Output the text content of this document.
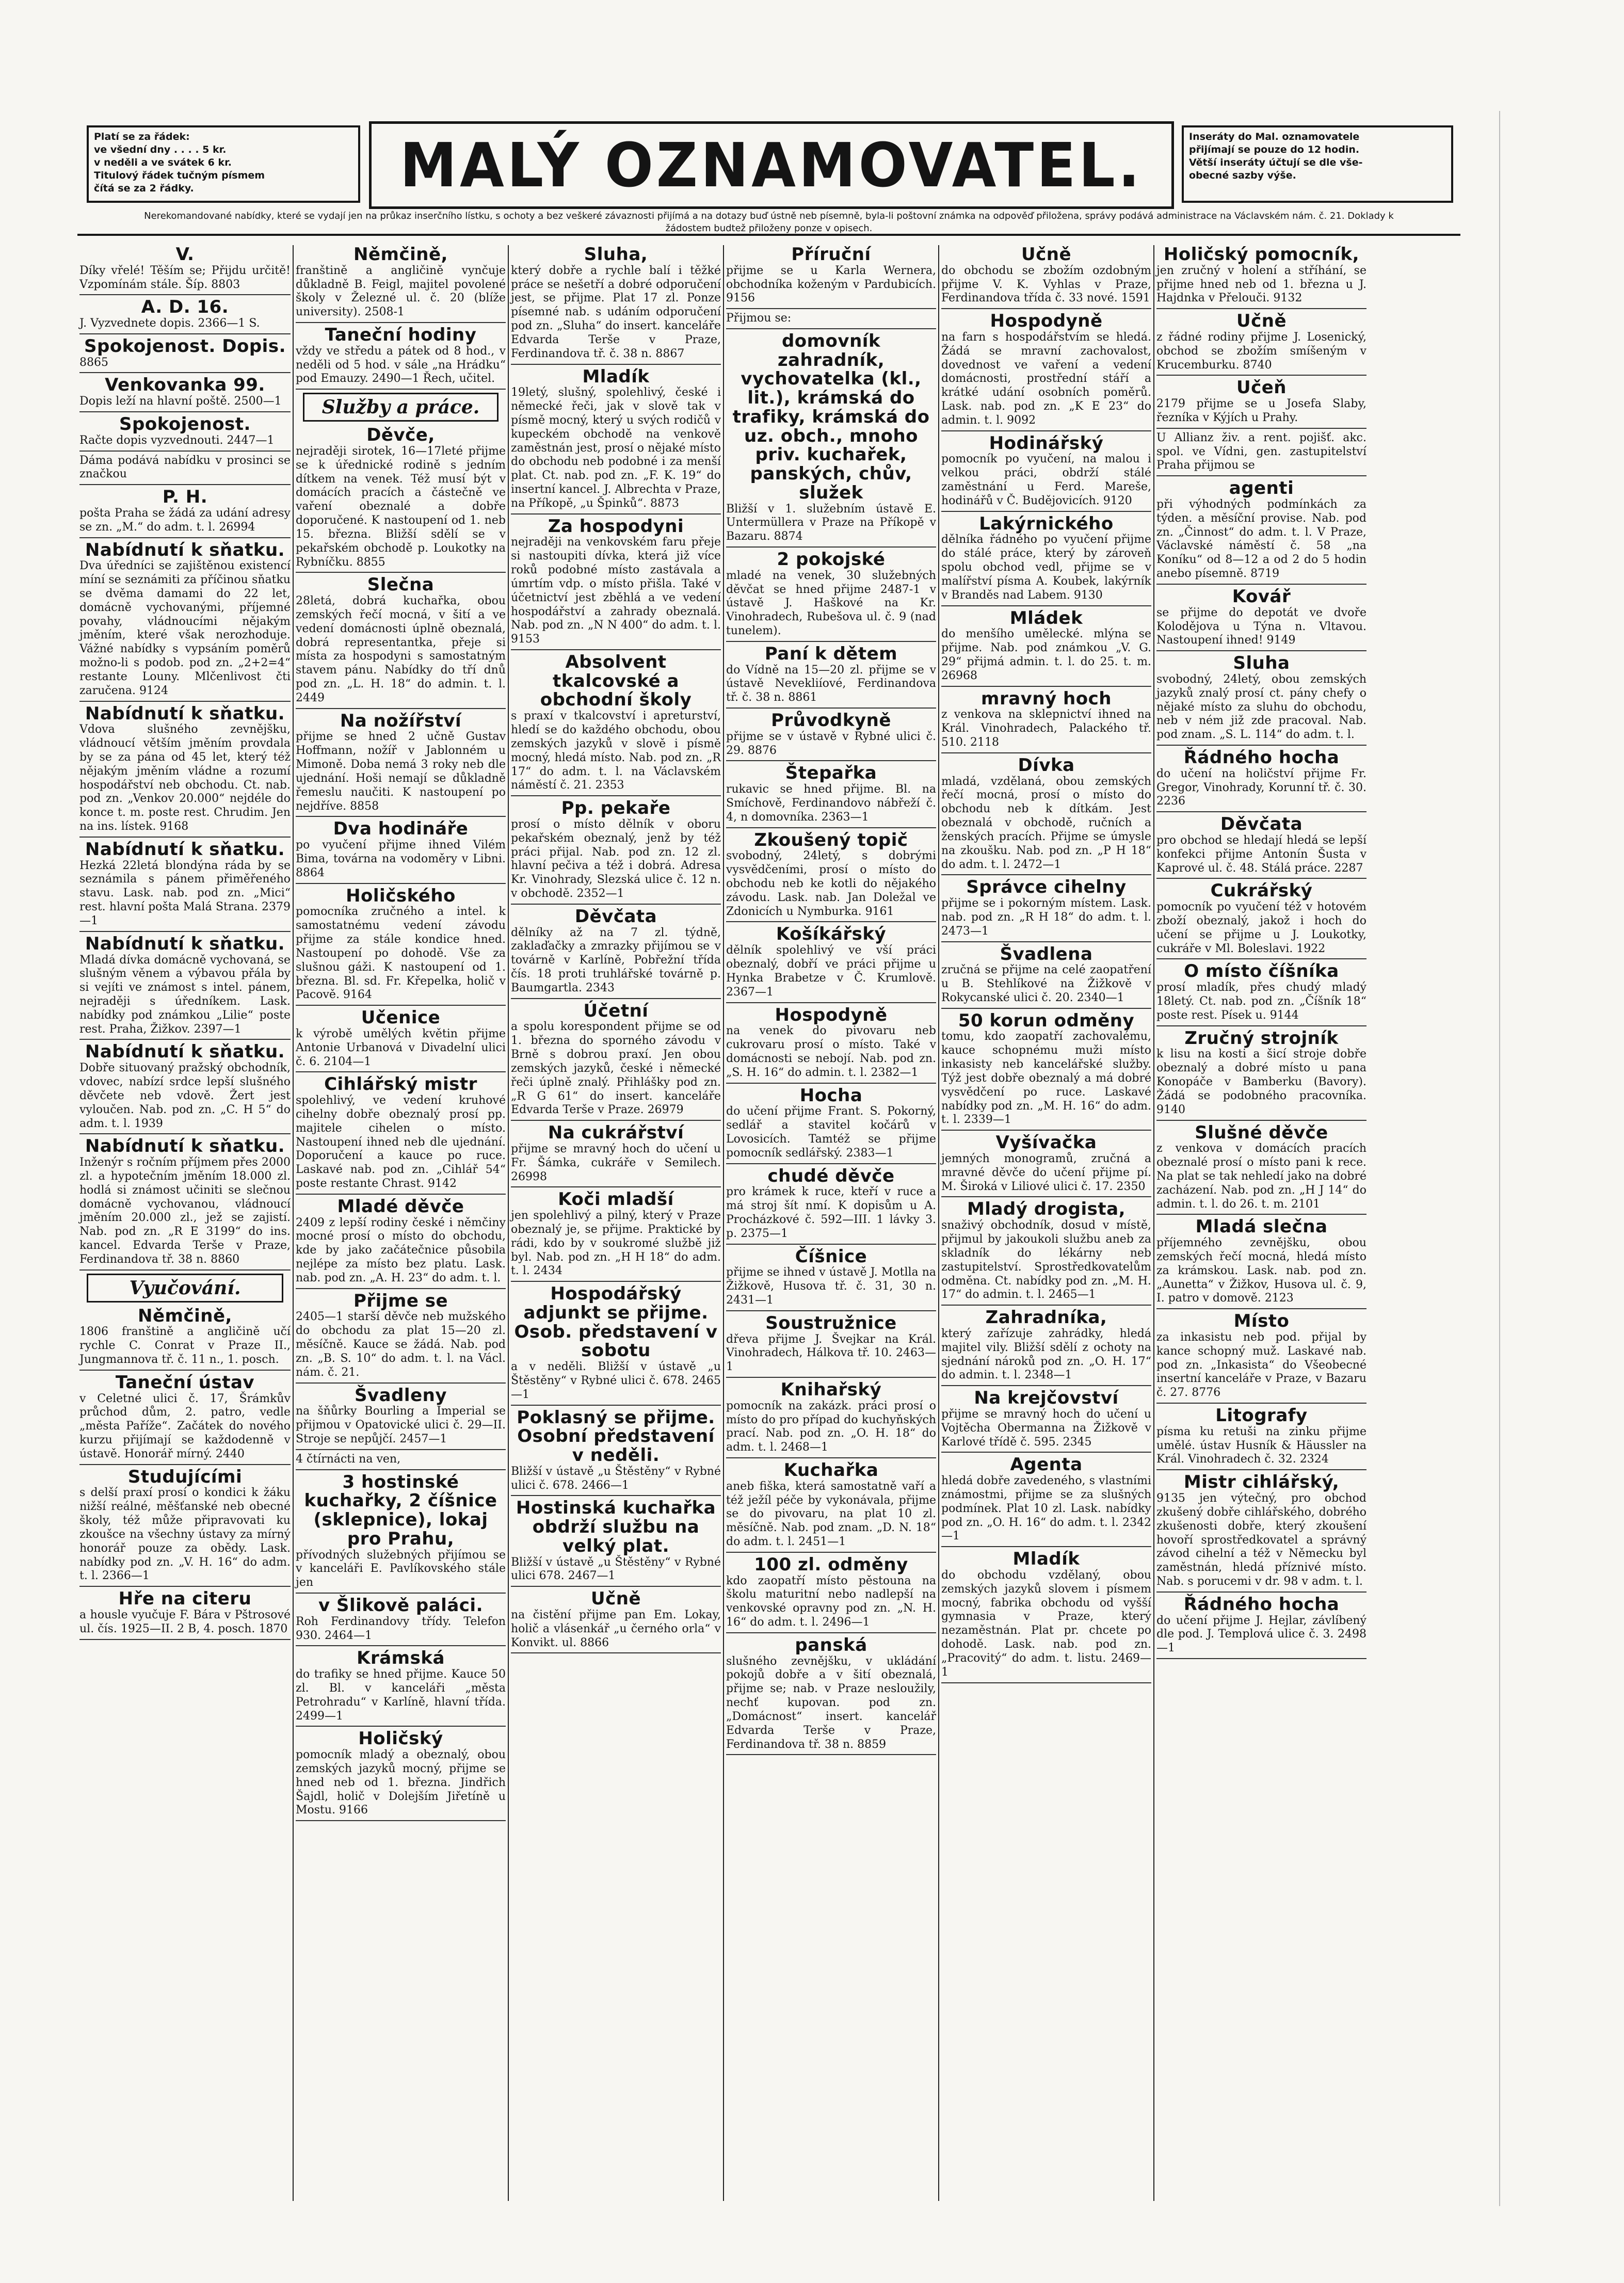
Platí se za řádek:
ve všední dny . . . . 5 kr.
v neděli a ve svátek 6 kr.
Titulový řádek tučným písmem
čítá se za 2 řádky.	MALÝ OZNAMOVATEL.	Inseráty do Mal. oznamovatele
přijímají se pouze do 12 hodin.
Větší inseráty účtují se dle vše-
obecné sazby výše.
Nerekomandované nabídky, které se vydají jen na průkaz inserčního lístku, s ochoty a bez veškeré závaznosti přijímá a na dotazy buď ústně neb písemně, byla-li poštovní známka na odpověď přiložena, správy podává administrace na Václavském nám. č. 21. Doklady k žádostem budtež přiloženy ponze v opisech.
V.
Díky vřelé! Těším se; Přijdu určitě! Vzpomínám stále. Šíp. 8803
A. D. 16.
J. Vyzvednete dopis. 2366—1 S.
Spokojenost. Dopis.
8865
Venkovanka 99.
Dopis leží na hlavní poště. 2500—1
Spokojenost.
Račte dopis vyzvednouti. 2447—1
Dáma podává nabídku v prosinci se značkou
P. H.
pošta Praha se žádá za udání adresy se zn. „M.“ do adm. t. l. 26994
Nabídnutí k sňatku.
Dva úředníci se zajištěnou existencí míní se seznámiti za příčinou sňatku se dvěma damami do 22 let, domácně vychovanými, příjemné povahy, vládnoucími nějakým jměním, které však nerozhoduje. Vážné nabídky s vypsáním poměrů možno-li s podob. pod zn. „2+2=4“ restante Louny. Mlčenlivost čti zaručena. 9124
Nabídnutí k sňatku.
Vdova slušného zevnějšku, vládnoucí větším jměním provdala by se za pána od 45 let, který též nějakým jměním vládne a rozumí hospodářství neb obchodu. Ct. nab. pod zn. „Venkov 20.000“ nejdéle do konce t. m. poste rest. Chrudim. Jen na ins. lístek. 9168
Nabídnutí k sňatku.
Hezká 22letá blondýna ráda by se seznámila s pánem přiměřeného stavu. Lask. nab. pod zn. „Mici“ rest. hlavní pošta Malá Strana. 2379—1
Nabídnutí k sňatku.
Mladá dívka domácně vychovaná, se slušným věnem a výbavou přála by si vejíti ve známost s intel. pánem, nejraději s úředníkem. Lask. nabídky pod známkou „Lilie“ poste rest. Praha, Žižkov. 2397—1
Nabídnutí k sňatku.
Dobře situovaný pražský obchodník, vdovec, nabízí srdce lepší slušného děvčete neb vdově. Žert jest vyloučen. Nab. pod zn. „C. H 5“ do adm. t. l. 1939
Nabídnutí k sňatku.
Inženýr s ročním příjmem přes 2000 zl. a hypotečním jměním 18.000 zl. hodlá si známost učiniti se slečnou domácně vychovanou, vládnoucí jměním 20.000 zl., jež se zajistí. Nab. pod zn. „R E 3199“ do ins. kancel. Edvarda Terše v Praze, Ferdinandova tř. 38 n. 8860
Vyučování.
Němčině,
1806 franštině a angličině učí rychle C. Conrat v Praze II., Jungmannova tř. č. 11 n., 1. posch.
Taneční ústav
v Celetné ulici č. 17, Šrámkův průchod dům, 2. patro, vedle „města Paříže“. Začátek do nového kurzu přijímají se každodenně v ústavě. Honorář mírný. 2440
Studujícími
s delší praxí prosí o kondici k žáku nižší reálné, měšťanské neb obecné školy, též může připravovati ku zkoušce na všechny ústavy za mírný honorář pouze za obědy. Lask. nabídky pod zn. „V. H. 16“ do adm. t. l. 2366—1
Hře na citeru
a housle vyučuje F. Bára v Pštrosové ul. čís. 1925—II. 2 B, 4. posch. 1870
Němčině,
franštině a angličině vynčuje důkladně B. Feigl, majitel povolené školy v Železné ul. č. 20 (blíže university). 2508-1
Taneční hodiny
vždy ve středu a pátek od 8 hod., v neděli od 5 hod. v sále „na Hrádku“ pod Emauzy. 2490—1 Řech, učitel.
Služby a práce.
Děvče,
nejraději sirotek, 16—17leté přijme se k úřednické rodině s jedním dítkem na venek. Též musí být v domácích pracích a částečně ve vaření obeznalé a dobře doporučené. K nastoupení od 1. neb 15. března. Bližší sdělí se v pekařském obchodě p. Loukotky na Rybníčku. 8855
Slečna
28letá, dobrá kuchařka, obou zemských řečí mocná, v šití a ve vedení domácnosti úplně obeznalá, dobrá representantka, přeje si místa za hospodyni s samostatným stavem pánu. Nabídky do tří dnů pod zn. „L. H. 18“ do admin. t. l. 2449
Na nožířství
přijme se hned 2 učně Gustav Hoffmann, nožíř v Jablonném u Mimoně. Doba nemá 3 roky neb dle ujednání. Hoši nemají se důkladně řemeslu naučiti. K nastoupení po nejdříve. 8858
Dva hodináře
po vyučení přijme ihned Vilém Bima, továrna na vodoměry v Libni. 8864
Holičského
pomocníka zručného a intel. k samostatnému vedení závodu přijme za stále kondice hned. Nastoupení po dohodě. Vše za slušnou gáži. K nastoupení od 1. března. Bl. sd. Fr. Křepelka, holič v Pacově. 9164
Učenice
k výrobě umělých květin přijme Antonie Urbanová v Divadelní ulici č. 6. 2104—1
Cihlářský mistr
spolehlivý, ve vedení kruhové cihelny dobře obeznalý prosí pp. majitele cihelen o místo. Nastoupení ihned neb dle ujednání. Doporučení a kauce po ruce. Laskavé nab. pod zn. „Cihlář 54“ poste restante Chrast. 9142
Mladé děvče
2409 z lepší rodiny české i němčiny mocné prosí o místo do obchodu, kde by jako začátečnice působila nejlépe za místo bez platu. Lask. nab. pod zn. „A. H. 23“ do adm. t. l.
Přijme se
2405—1 starší děvče neb mužského do obchodu za plat 15—20 zl. měsíčně. Kauce se žádá. Nab. pod zn. „B. S. 10“ do adm. t. l. na Václ. nám. č. 21.
Švadleny
na šňůrky Bourling a Imperial se přijmou v Opatovické ulici č. 29—II. Stroje se nepůjčí. 2457—1
4 čtírnácti na ven,
3 hostinské kuchařky, 2 číšnice (sklepnice), lokaj pro Prahu,
přívodných služebných přijímou se v kanceláři E. Pavlíkovského stále jen
v Šlikově paláci.
Roh Ferdinandovy třídy. Telefon 930. 2464—1
Krámská
do trafiky se hned přijme. Kauce 50 zl. Bl. v kanceláři „města Petrohradu“ v Karlíně, hlavní třída. 2499—1
Holičský
pomocník mladý a obeznalý, obou zemských jazyků mocný, přijme se hned neb od 1. března. Jindřich Šajdl, holič v Dolejším Jiřetíně u Mostu. 9166
Sluha,
který dobře a rychle balí i těžké práce se nešetří a dobré odporučení jest, se přijme. Plat 17 zl. Ponze písemné nab. s udáním odporučení pod zn. „Sluha“ do insert. kanceláře Edvarda Terše v Praze, Ferdinandova tř. č. 38 n. 8867
Mladík
19letý, slušný, spolehlivý, české i německé řeči, jak v slově tak v písmě mocný, který u svých rodičů v kupeckém obchodě na venkově zaměstnán jest, prosí o nějaké místo do obchodu neb podobné i za menší plat. Ct. nab. pod zn. „F. K. 19“ do insertní kancel. J. Albrechta v Praze, na Příkopě, „u Špinků“. 8873
Za hospodyni
nejraději na venkovském faru přeje si nastoupiti dívka, která již více roků podobné místo zastávala a úmrtím vdp. o místo přišla. Také v účetnictví jest zběhlá a ve vedení hospodářství a zahrady obeznalá. Nab. pod zn. „N N 400“ do adm. t. l. 9153
Absolvent tkalcovské a obchodní školy
s praxí v tkalcovství i apreturství, hledí se do každého obchodu, obou zemských jazyků v slově i písmě mocný, hledá místo. Nab. pod zn. „R 17“ do adm. t. l. na Václavském náměstí č. 21. 2353
Pp. pekaře
prosí o místo dělník v oboru pekařském obeznalý, jenž by též práci přijal. Nab. pod zn. 12 zl. hlavní pečiva a též i dobrá. Adresa Kr. Vinohrady, Slezská ulice č. 12 n. v obchodě. 2352—1
Děvčata
dělníky až na 7 zl. týdně, zaklaďačky a zmrazky přijímou se v továrně v Karlíně, Pobřežní třída čís. 18 proti truhlářské továrně p. Baumgartla. 2343
Účetní
a spolu korespondent přijme se od 1. března do sporného závodu v Brně s dobrou praxí. Jen obou zemských jazyků, české i německé řeči úplně znalý. Přihlášky pod zn. „R G 61“ do insert. kanceláře Edvarda Terše v Praze. 26979
Na cukrářství
přijme se mravný hoch do učení u Fr. Šámka, cukráře v Semilech. 26998
Koči mladší
jen spolehlivý a pilný, který v Praze obeznalý je, se přijme. Praktické by rádi, kdo by v soukromé službě již byl. Nab. pod zn. „H H 18“ do adm. t. l. 2434
Hospodářský adjunkt se přijme. Osob. představení v sobotu
a v neděli. Bližší v ústavě „u Štěstěny“ v Rybné ulici č. 678. 2465—1
Poklasný se přijme. Osobní představení v neděli.
Bližší v ústavě „u Štěstěny“ v Rybné ulici č. 678. 2466—1
Hostinská kuchařka obdrží službu na velký plat.
Bližší v ústavě „u Štěstěny“ v Rybné ulici 678. 2467—1
Učně
na čistění přijme pan Em. Lokay, holič a vlásenkář „u černého orla“ v Konvikt. ul. 8866
Příruční
přijme se u Karla Wernera, obchodníka koženým v Pardubicích. 9156
Přijmou se:
domovník zahradník, vychovatelka (kl., lit.), krámská do trafiky, krámská do uz. obch., mnoho priv. kuchařek, panských, chův, služek
Bližší v 1. služebním ústavě E. Untermüllera v Praze na Příkopě v Bazaru. 8874
2 pokojské
mladé na venek, 30 služebných děvčat se hned přijme 2487-1 v ústavě J. Haškové na Kr. Vinohradech, Rubešova ul. č. 9 (nad tunelem).
Paní k dětem
do Vídně na 15—20 zl. přijme se v ústavě Nevekliíové, Ferdinandova tř. č. 38 n. 8861
Průvodkyně
přijme se v ústavě v Rybné ulici č. 29. 8876
Štepařka
rukavic se hned přijme. Bl. na Smíchově, Ferdinandovo nábřeží č. 4, n domovníka. 2363—1
Zkoušený topič
svobodný, 24letý, s dobrými vysvědčeními, prosí o místo do obchodu neb ke kotli do nějakého závodu. Lask. nab. Jan Doležal ve Zdonicích u Nymburka. 9161
Košíkářský
dělník spolehlivý ve vší práci obeznalý, dobří ve práci přijme u Hynka Brabetze v Č. Krumlově. 2367—1
Hospodyně
na venek do pivovaru neb cukrovaru prosí o místo. Také v domácnosti se nebojí. Nab. pod zn. „S. H. 16“ do admin. t. l. 2382—1
Hocha
do učení přijme Frant. S. Pokorný, sedlář a stavitel kočárů v Lovosicích. Tamtéž se přijme pomocník sedlářský. 2383—1
chudé děvče
pro krámek k ruce, kteří v ruce a má stroj šít nmí. K dopisům u A. Procházkové č. 592—III. 1 lávky 3. p. 2375—1
Číšnice
přijme se ihned v ústavě J. Motlla na Žižkově, Husova tř. č. 31, 30 n. 2431—1
Soustružnice
dřeva přijme J. Švejkar na Král. Vinohradech, Hálkova tř. 10. 2463—1
Knihařský
pomocník na zakázk. práci prosí o místo do pro případ do kuchyňských prací. Nab. pod zn. „O. H. 18“ do adm. t. l. 2468—1
Kuchařka
aneb fiška, která samostatně vaří a též ježíl péče by vykonávala, přijme se do pivovaru, na plat 10 zl. měsíčně. Nab. pod znam. „D. N. 18“ do adm. t. l. 2451—1
100 zl. odměny
kdo zaopatří místo pěstouna na školu maturitní nebo nadlepší na venkovské opravny pod zn. „N. H. 16“ do adm. t. l. 2496—1
panská
slušného zevnějšku, v ukládání pokojů dobře a v šití obeznalá, přijme se; nab. v Praze nesloužily, nechť kupovan. pod zn. „Domácnost“ insert. kancelář Edvarda Terše v Praze, Ferdinandova tř. 38 n. 8859
Učně
do obchodu se zbožím ozdobným přijme V. K. Vyhlas v Praze, Ferdinandova třída č. 33 nové. 1591
Hospodyně
na farn s hospodářstvím se hledá. Žádá se mravní zachovalost, dovednost ve vaření a vedení domácnosti, prostřední stáří a krátké udání osobních poměrů. Lask. nab. pod zn. „K E 23“ do admin. t. l. 9092
Hodinářský
pomocník po vyučení, na malou i velkou práci, obdrží stálé zaměstnání u Ferd. Mareše, hodinářů v Č. Budějovicích. 9120
Lakýrnického
dělníka řádného po vyučení přijme do stálé práce, který by zároveň spolu obchod vedl, přijme se v malířství písma A. Koubek, lakýrník v Branděs nad Labem. 9130
Mládek
do menšího umělecké. mlýna se přijme. Nab. pod známkou „V. G. 29“ přijmá admin. t. l. do 25. t. m. 26968
mravný hoch
z venkova na sklepnictví ihned na Král. Vinohradech, Palackého tř. 510. 2118
Dívka
mladá, vzdělaná, obou zemských řečí mocná, prosí o místo do obchodu neb k dítkám. Jest obeznalá v obchodě, ručních a ženských pracích. Přijme se úmysle na zkoušku. Nab. pod zn. „P H 18“ do adm. t. l. 2472—1
Správce cihelny
přijme se i pokorným místem. Lask. nab. pod zn. „R H 18“ do adm. t. l. 2473—1
Švadlena
zručná se přijme na celé zaopatření u B. Stehlíkové na Žižkově v Rokycanské ulici č. 20. 2340—1
50 korun odměny
tomu, kdo zaopatří zachovalému, kauce schopnému muži místo inkasisty neb kancelářské služby. Týž jest dobře obeznalý a má dobré vysvědčení po ruce. Laskavé nabídky pod zn. „M. H. 16“ do adm. t. l. 2339—1
Vyšívačka
jemných monogramů, zručná a mravné děvče do učení přijme pí. M. Široká v Liliové ulici č. 17. 2350
Mladý drogista,
snaživý obchodník, dosud v místě, přijmul by jakoukoli službu aneb za skladník do lékárny neb zastupitelství. Sprostředkovatelům odměna. Ct. nabídky pod zn. „M. H. 17“ do admin. t. l. 2465—1
Zahradníka,
který zařízuje zahrádky, hledá majitel vily. Bližší sdělí z ochoty na sjednání nároků pod zn. „O. H. 17“ do admin. t. l. 2348—1
Na krejčovství
přijme se mravný hoch do učení u Vojtěcha Obermanna na Žižkově v Karlové třídě č. 595. 2345
Agenta
hledá dobře zavedeného, s vlastními známostmi, přijme se za slušných podmínek. Plat 10 zl. Lask. nabídky pod zn. „O. H. 16“ do adm. t. l. 2342—1
Mladík
do obchodu vzdělaný, obou zemských jazyků slovem i písmem mocný, fabrika obchodu od vyšší gymnasia v Praze, který nezaměstnán. Plat pr. chcete po dohodě. Lask. nab. pod zn. „Pracovitý“ do adm. t. listu. 2469—1
Holičský pomocník,
jen zručný v holení a stříhání, se přijme hned neb od 1. března u J. Hajdnka v Přelouči. 9132
Učně
z řádné rodiny přijme J. Losenický, obchod se zbožím smíšeným v Krucemburku. 8740
Učeň
2179 přijme se u Josefa Slaby, řezníka v Kýjích u Prahy.
U Allianz živ. a rent. pojišť. akc. spol. ve Vídni, gen. zastupitelství Praha přijmou se
agenti
při výhodných podmínkách za týden. a měsíční provise. Nab. pod zn. „Činnost“ do adm. t. l. V Praze, Václavské náměstí č. 58 „na Koníku“ od 8—12 a od 2 do 5 hodin anebo písemně. 8719
Kovář
se přijme do depotát ve dvoře Kolodějova u Týna n. Vltavou. Nastoupení ihned! 9149
Sluha
svobodný, 24letý, obou zemských jazyků znalý prosí ct. pány chefy o nějaké místo za sluhu do obchodu, neb v ném již zde pracoval. Nab. pod znam. „S. L. 114“ do adm. t. l.
Řádného hocha
do učení na holičství přijme Fr. Gregor, Vinohrady, Korunní tř. č. 30. 2236
Děvčata
pro obchod se hledají hledá se lepší konfekci přijme Antonín Šusta v Kaprové ul. č. 48. Stálá práce. 2287
Cukrářský
pomocník po vyučení též v hotovém zboží obeznalý, jakož i hoch do učení se přijme u J. Loukotky, cukráře v Ml. Boleslavi. 1922
O místo číšníka
prosí mladík, přes chudý mladý 18letý. Ct. nab. pod zn. „Číšník 18“ poste rest. Písek u. 9144
Zručný strojník
k lisu na kosti a šicí stroje dobře obeznalý a dobré místo u pana Konopáče v Bamberku (Bavory). Žádá se podobného pracovníka. 9140
Slušné děvče
z venkova v domácích pracích obeznalé prosí o místo pani k rece. Na plat se tak nehledí jako na dobré zacházení. Nab. pod zn. „H J 14“ do admin. t. l. do 26. t. m. 2101
Mladá slečna
příjemného zevnějšku, obou zemských řečí mocná, hledá místo za krámskou. Lask. nab. pod zn. „Aunetta“ v Žižkov, Husova ul. č. 9, I. patro v domově. 2123
Místo
za inkasistu neb pod. přijal by kance schopný muž. Laskavé nab. pod zn. „Inkasista“ do Všeobecné insertní kanceláře v Praze, v Bazaru č. 27. 8776
Litografy
písma ku retuši na zinku přijme umělé. ústav Husník & Häussler na Král. Vinohradech č. 32. 2324
Mistr cihlářský,
9135 jen výtečný, pro obchod zkušený dobře cihlářského, dobrého zkušenosti dobře, který zkoušení hovoří sprostředkovatel a správný závod cihelní a též v Německu byl zaměstnán, hledá příznivé místo. Nab. s porucemi v dr. 98 v adm. t. l.
Řádného hocha
do učení přijme J. Hejlar, závlíbený dle pod. J. Templová ulice č. 3. 2498—1
